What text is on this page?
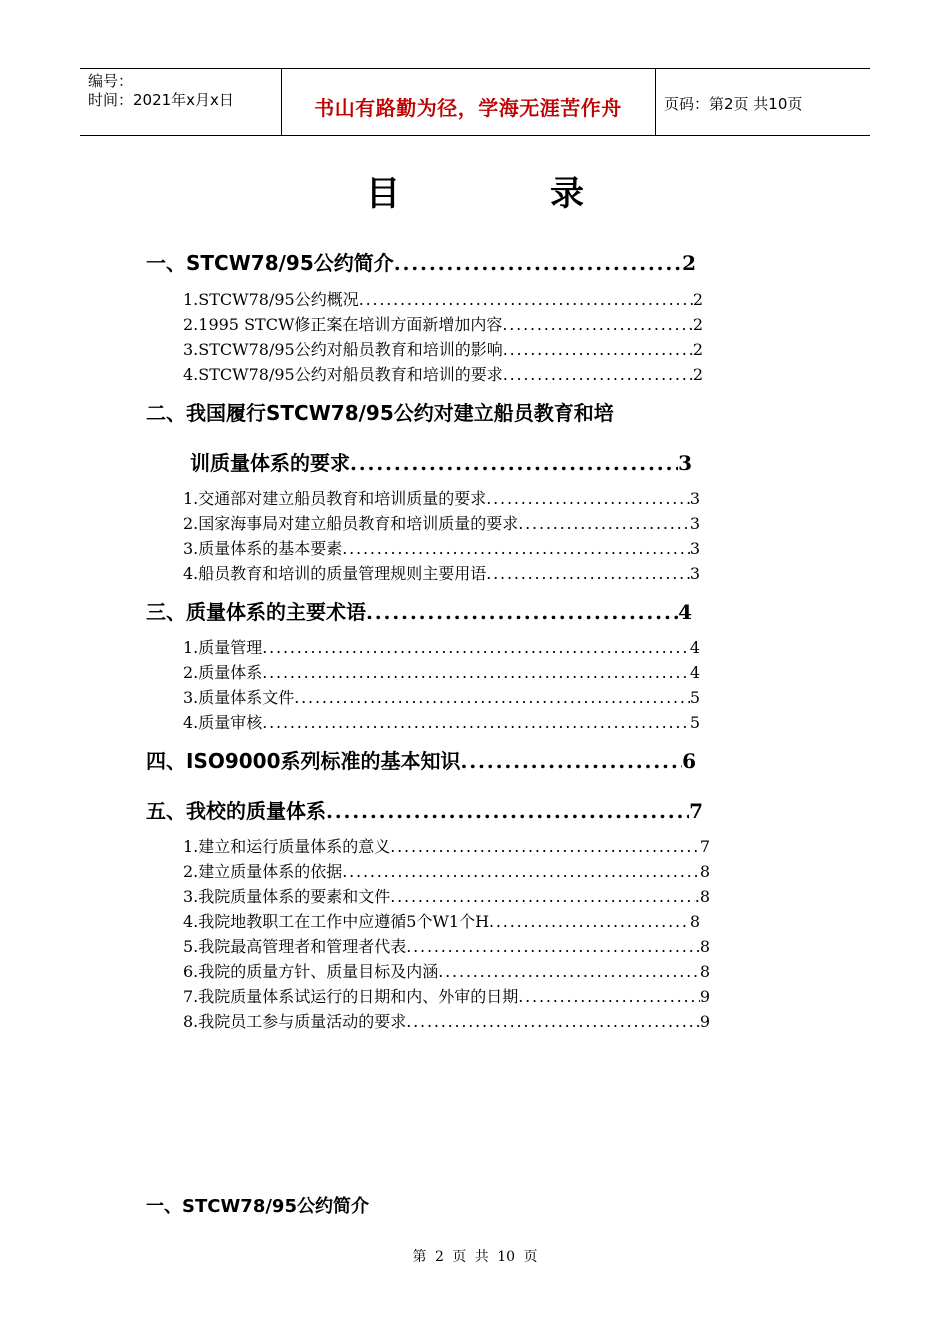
编号：
时间：2021年x月x日	书山有路勤为径，学海无涯苦作舟	页码：第2页 共10页
目	录
一、STCW78/95公约简介 .....	2
1.STCW78/95公约概况 .....	2
2.1995 STCW修正案在培训方面新增加内容 .....	2
3.STCW78/95公约对船员教育和培训的影响 .....	2
4.STCW78/95公约对船员教育和培训的要求 .....	2
二、我国履行STCW78/95公约对建立船员教育和培
训质量体系的要求 .....	3
1.交通部对建立船员教育和培训质量的要求 .....	3
2.国家海事局对建立船员教育和培训质量的要求 .....	3
3.质量体系的基本要素 .....	3
4.船员教育和培训的质量管理规则主要用语 .....	3
三、质量体系的主要术语 .....	4
1.质量管理 .....	4
2.质量体系 .....	4
3.质量体系文件 .....	5
4.质量审核 .....	5
四、ISO9000系列标准的基本知识 .....	6
五、我校的质量体系 .....	7
1.建立和运行质量体系的意义 .....	7
2.建立质量体系的依据 .....	8
3.我院质量体系的要素和文件 .....	.8
4.我院地教职工在工作中应遵循5个W1个H .....	8
5.我院最高管理者和管理者代表 .....	8
6.我院的质量方针、质量目标及内涵 .....	8
7.我院质量体系试运行的日期和内、外审的日期 .....	9
8.我院员工参与质量活动的要求 .....	9
一、STCW78/95公约简介
第 2 页 共 10 页
